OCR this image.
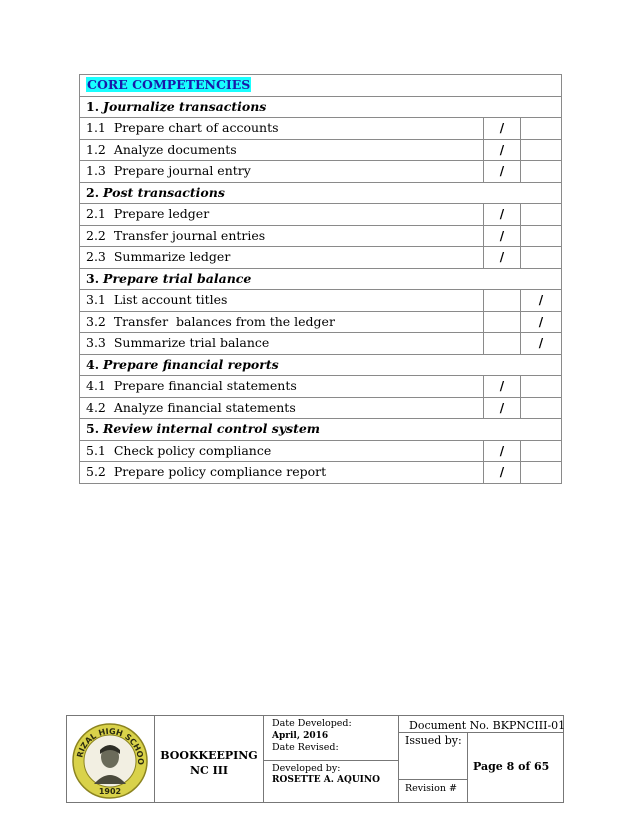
CORE COMPETENCIES		
1. Journalize transactions		
1.1  Prepare chart of accounts	/	
1.2  Analyze documents	/	
1.3  Prepare journal entry	/	
2. Post transactions		
2.1  Prepare ledger	/	
2.2  Transfer journal entries	/	
2.3  Summarize ledger	/	
3. Prepare trial balance		
3.1  List account titles		/
3.2  Transfer  balances from the ledger		/
3.3  Summarize trial balance		/
4. Prepare financial reports		
4.1  Prepare financial statements	/	
4.2  Analyze financial statements	/	
5. Review internal control system		
5.1  Check policy compliance	/	
5.2  Prepare policy compliance report	/	
RIZAL HIGH SCHOO
1902
BOOKKEEPING
NC III
Date Developed:
April, 2016
Date Revised:
Developed by:
ROSETTE A. AQUINO
Document No. BKPNCIII-01
Issued by:
Revision #
Page 8 of 65
